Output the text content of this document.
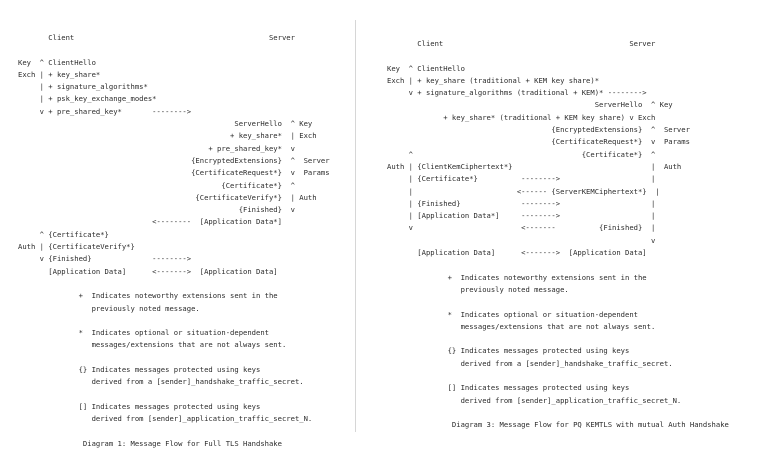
Client                                             Server

Key  ^ ClientHello
Exch | + key_share*
| + signature_algorithms*
| + psk_key_exchange_modes*
v + pre_shared_key*       -------->
ServerHello  ^ Key
+ key_share*  | Exch
+ pre_shared_key*  v
{EncryptedExtensions}  ^  Server
{CertificateRequest*}  v  Params
{Certificate*}  ^
{CertificateVerify*}  | Auth
{Finished}  v
<--------  [Application Data*]
^ {Certificate*}
Auth | {CertificateVerify*}
v {Finished}              -------->
[Application Data]      <------->  [Application Data]

+  Indicates noteworthy extensions sent in the
previously noted message.

*  Indicates optional or situation-dependent
messages/extensions that are not always sent.

{} Indicates messages protected using keys
derived from a [sender]_handshake_traffic_secret.

[] Indicates messages protected using keys
derived from [sender]_application_traffic_secret_N.

Diagram 1: Message Flow for Full TLS Handshake
Client                                           Server

Key  ^ ClientHello
Exch | + key_share (traditional + KEM key share)*
v + signature_algorithms (traditional + KEM)* -------->
ServerHello  ^ Key
+ key_share* (traditional + KEM key share) v Exch
{EncryptedExtensions}  ^  Server
{CertificateRequest*}  v  Params
^                                       {Certificate*}  ^
Auth | {ClientKemCiphertext*}                                |  Auth
| {Certificate*}          -------->                     |
|                        <------ {ServerKEMCiphertext*}  |
| {Finished}              -------->                     |
| [Application Data*]     -------->                     |
v                         <-------          {Finished}  |
v
[Application Data]      <------->  [Application Data]

+  Indicates noteworthy extensions sent in the
previously noted message.

*  Indicates optional or situation-dependent
messages/extensions that are not always sent.

{} Indicates messages protected using keys
derived from a [sender]_handshake_traffic_secret.

[] Indicates messages protected using keys
derived from [sender]_application_traffic_secret_N.

Diagram 3: Message Flow for PQ KEMTLS with mutual Auth Handshake
